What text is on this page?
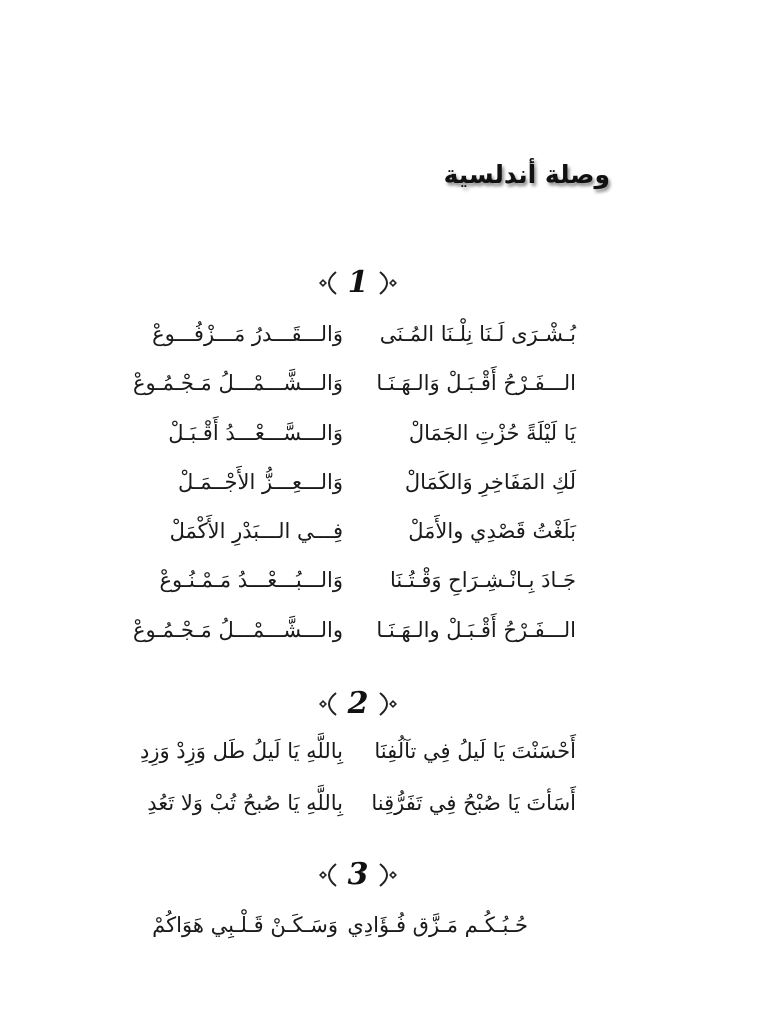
وصلة أندلسية
1
بُـشْـرَى لَـنَا نِلْـنَا المُـنَى
وَالـــقَـــدرُ مَـــزْفُـــوعْ
الـــفَـرْحُ أَقْـبَـلْ وَالـهَـنَـا
وَالـــشَّـــمْـــلُ مَـجْـمُـوعْ
يَا لَيْلَةً حُزْتِ الجَمَالْ
وَالـــسَّـــعْـــدُ أَقْـبَـلْ
لَكِ المَفَاخِرِ وَالكَمَالْ
وَالـــعِـــزُّ الأَجْــمَـلْ
بَلَغْتُ قَصْدِي والأَمَلْ
فِـــي الـــبَدْرِ الأَكْمَلْ
جَـادَ بِـانْـشِـرَاحِ وَقْـتُـنَا
وَالـــبُـــعْـــدُ مَـمْـنُـوعْ
الـــفَـرْحُ أَقْـبَـلْ والـهَـنَـا
والـــشَّـــمْـــلُ مَـجْـمُـوعْ
2
أَحْسَنْتَ يَا لَيلُ فِي تآلُفِنَا
بِاللَّهِ يَا لَيلُ طَل وَزِدْ وَزِدِ
أَسَأتَ يَا صُبْحُ فِي تَفَرُّقِنا
بِاللَّهِ يَا صُبحُ تُبْ وَلا تَعُدِ
3
حُـبُـكُـم مَـزَّق فُـؤَادِي
وَسَـكَـنْ قَـلْـبِي هَوَاكُمْ
